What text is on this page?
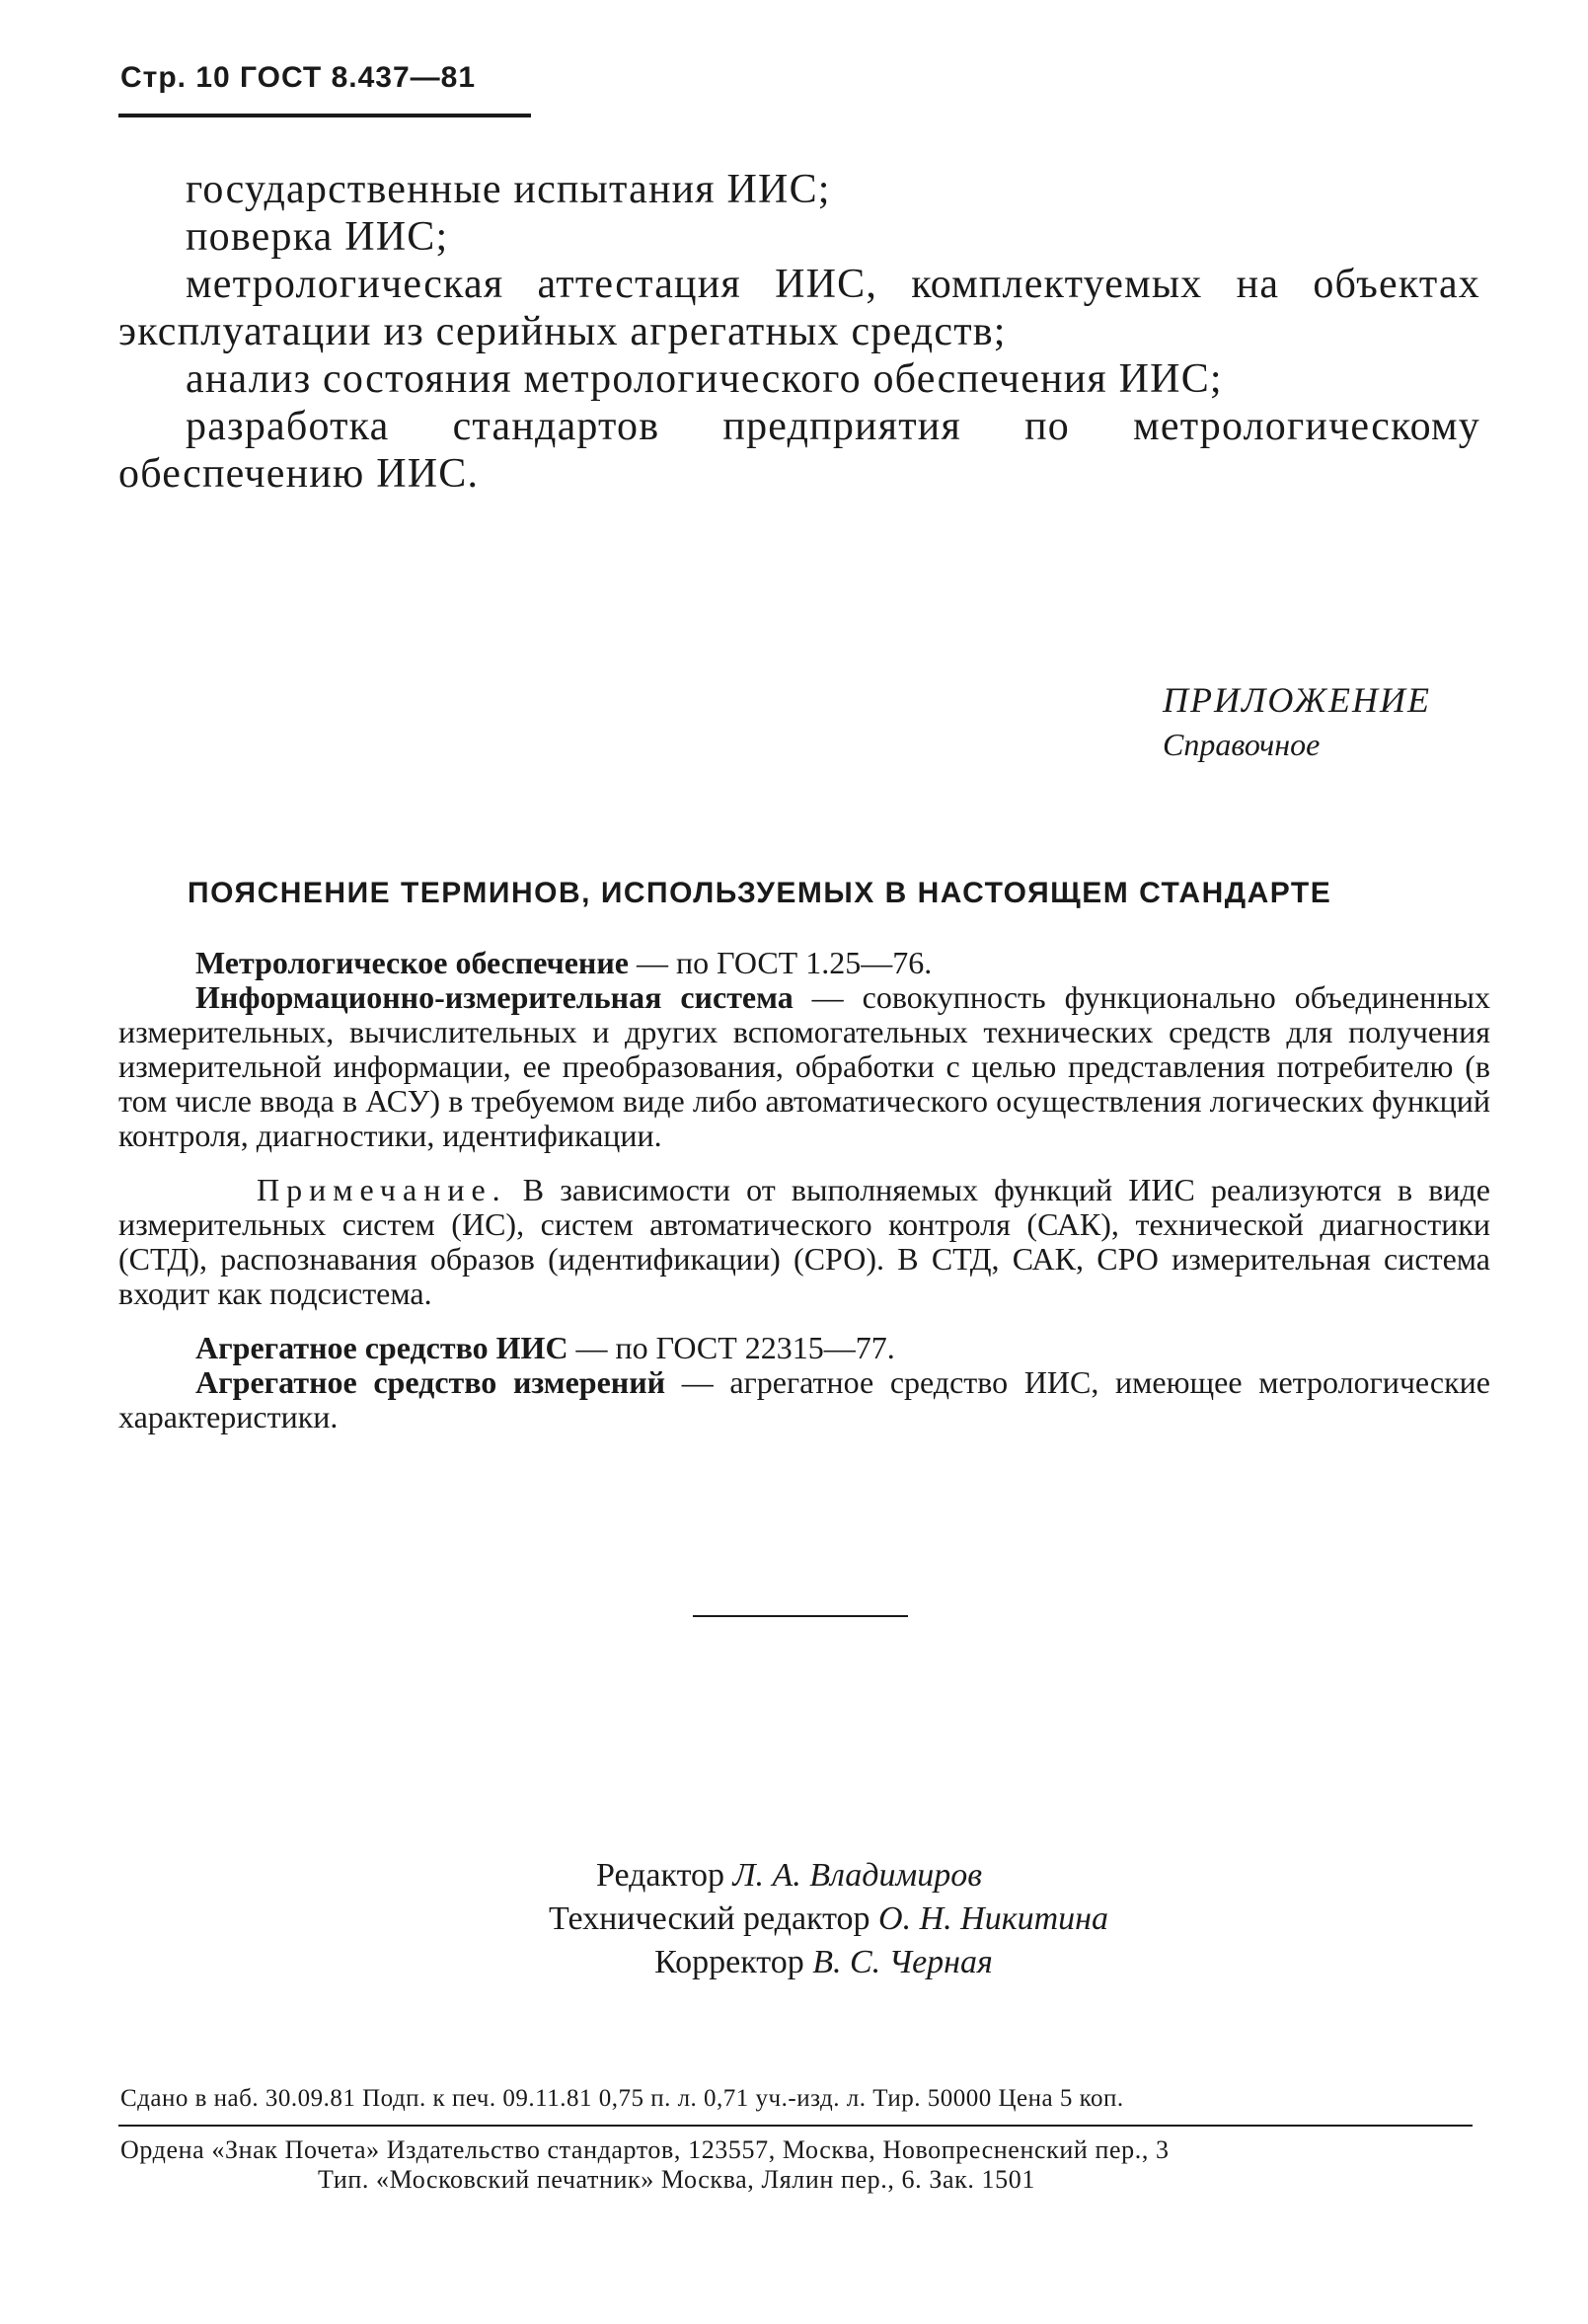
Стр. 10 ГОСТ 8.437—81

государственные испытания ИИС;

поверка ИИС;

метрологическая аттестация ИИС, комплектуемых на объектах эксплуатации из серийных агрегатных средств;

анализ состояния метрологического обеспечения ИИС;

разработка стандартов предприятия по метрологическому обеспечению ИИС.

ПРИЛОЖЕНИЕ
Справочное
ПОЯСНЕНИЕ ТЕРМИНОВ, ИСПОЛЬЗУЕМЫХ В НАСТОЯЩЕМ СТАНДАРТЕ

Метрологическое обеспечение — по ГОСТ 1.25—76.

Информационно-измерительная система — совокупность функционально объединенных измерительных, вычислительных и других вспомогательных технических средств для получения измерительной информации, ее преобразования, обработки с целью представления потребителю (в том числе ввода в АСУ) в требуемом виде либо автоматического осуществления логических функций контроля, диагностики, идентификации.

Примечание. В зависимости от выполняемых функций ИИС реализуются в виде измерительных систем (ИС), систем автоматического контроля (САК), технической диагностики (СТД), распознавания образов (идентификации) (СРО). В СТД, САК, СРО измерительная система входит как подсистема.

Агрегатное средство ИИС — по ГОСТ 22315—77.

Агрегатное средство измерений — агрегатное средство ИИС, имеющее метрологические характеристики.

Редактор Л. А. Владимиров
Технический редактор О. Н. Никитина
Корректор В. С. Черная
Сдано в наб. 30.09.81 Подп. к печ. 09.11.81 0,75 п. л. 0,71 уч.-изд. л. Тир. 50000 Цена 5 коп.
Ордена «Знак Почета» Издательство стандартов, 123557, Москва, Новопресненский пер., 3
Тип. «Московский печатник» Москва, Лялин пер., 6. Зак. 1501
